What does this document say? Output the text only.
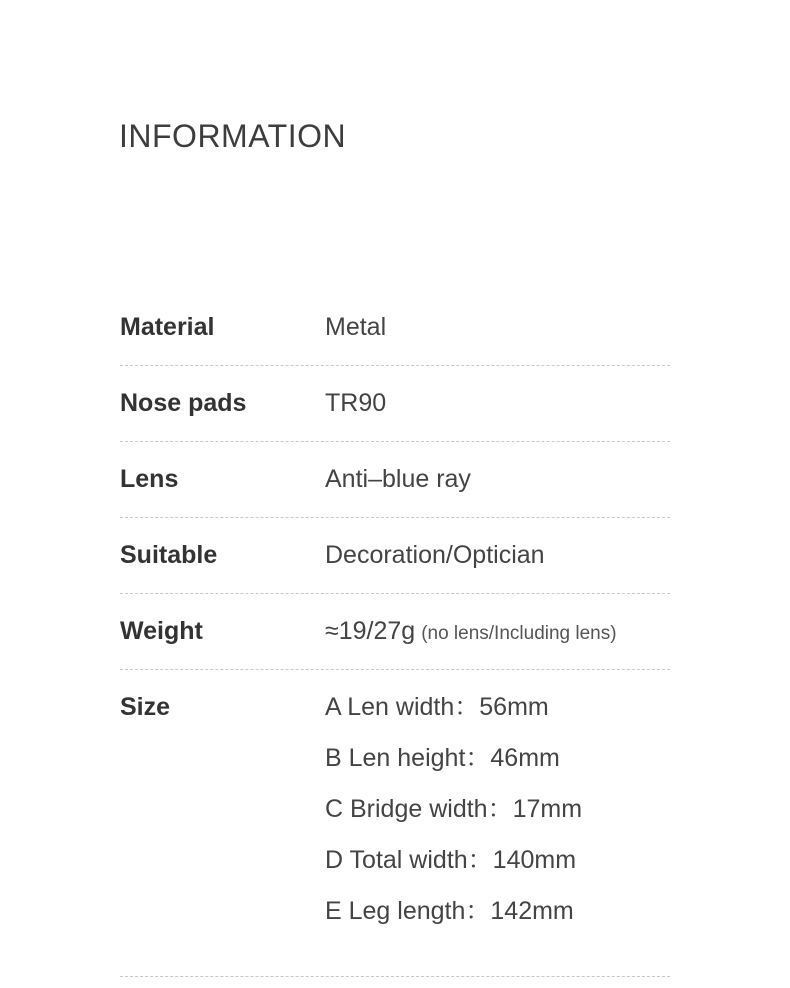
INFORMATION
Material	Metal
Nose pads	TR90
Lens	Anti–blue ray
Suitable	Decoration/Optician
Weight	≈19/27g (no lens/Including lens)
Size	A Len width：56mm
B Len height：46mm
C Bridge width：17mm
D Total width：140mm
E Leg length：142mm
